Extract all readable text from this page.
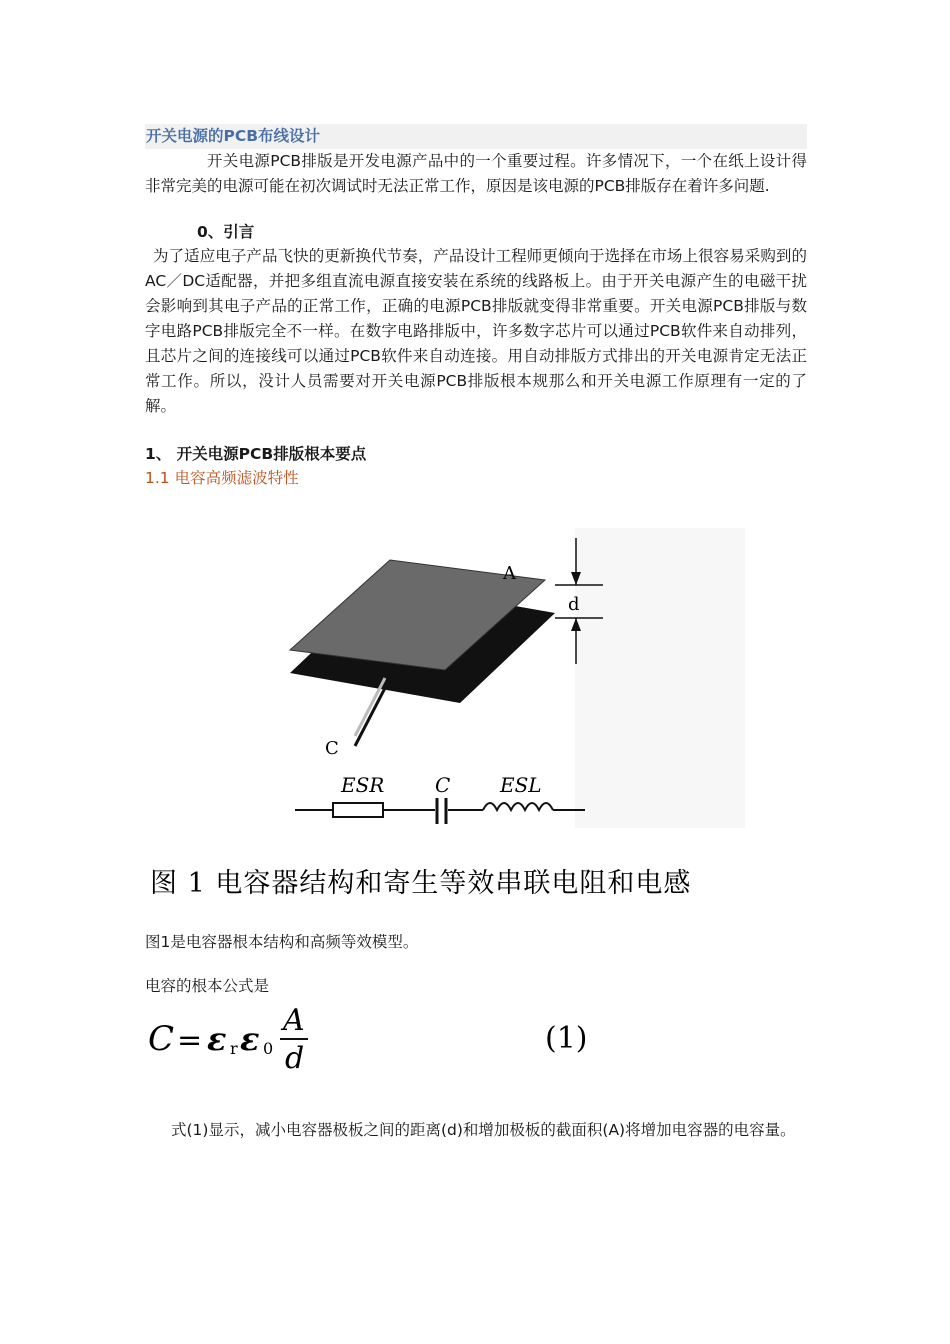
开关电源的PCB布线设计

开关电源PCB排版是开发电源产品中的一个重要过程。许多情况下，一个在纸上设计得非常完美的电源可能在初次调试时无法正常工作，原因是该电源的PCB排版存在着许多问题.

0、引言

为了适应电子产品飞快的更新换代节奏，产品设计工程师更倾向于选择在市场上很容易采购到的AC／DC适配器，并把多组直流电源直接安装在系统的线路板上。由于开关电源产生的电磁干扰会影响到其电子产品的正常工作，正确的电源PCB排版就变得非常重要。开关电源PCB排版与数字电路PCB排版完全不一样。在数字电路排版中，许多数字芯片可以通过PCB软件来自动排列，且芯片之间的连接线可以通过PCB软件来自动连接。用自动排版方式排出的开关电源肯定无法正常工作。所以，没计人员需要对开关电源PCB排版根本规那么和开关电源工作原理有一定的了解。

1、 开关电源PCB排版根本要点
1.1 电容高频滤波特性
A
d
C
ESR	C ESL
图 1 电容器结构和寄生等效串联电阻和电感

图1是电容器根本结构和高频等效模型。

电容的根本公式是

C = ε r ε 0
A
d
(1)

式(1)显示，减小电容器极板之间的距离(d)和增加极板的截面积(A)将增加电容器的电容量。
